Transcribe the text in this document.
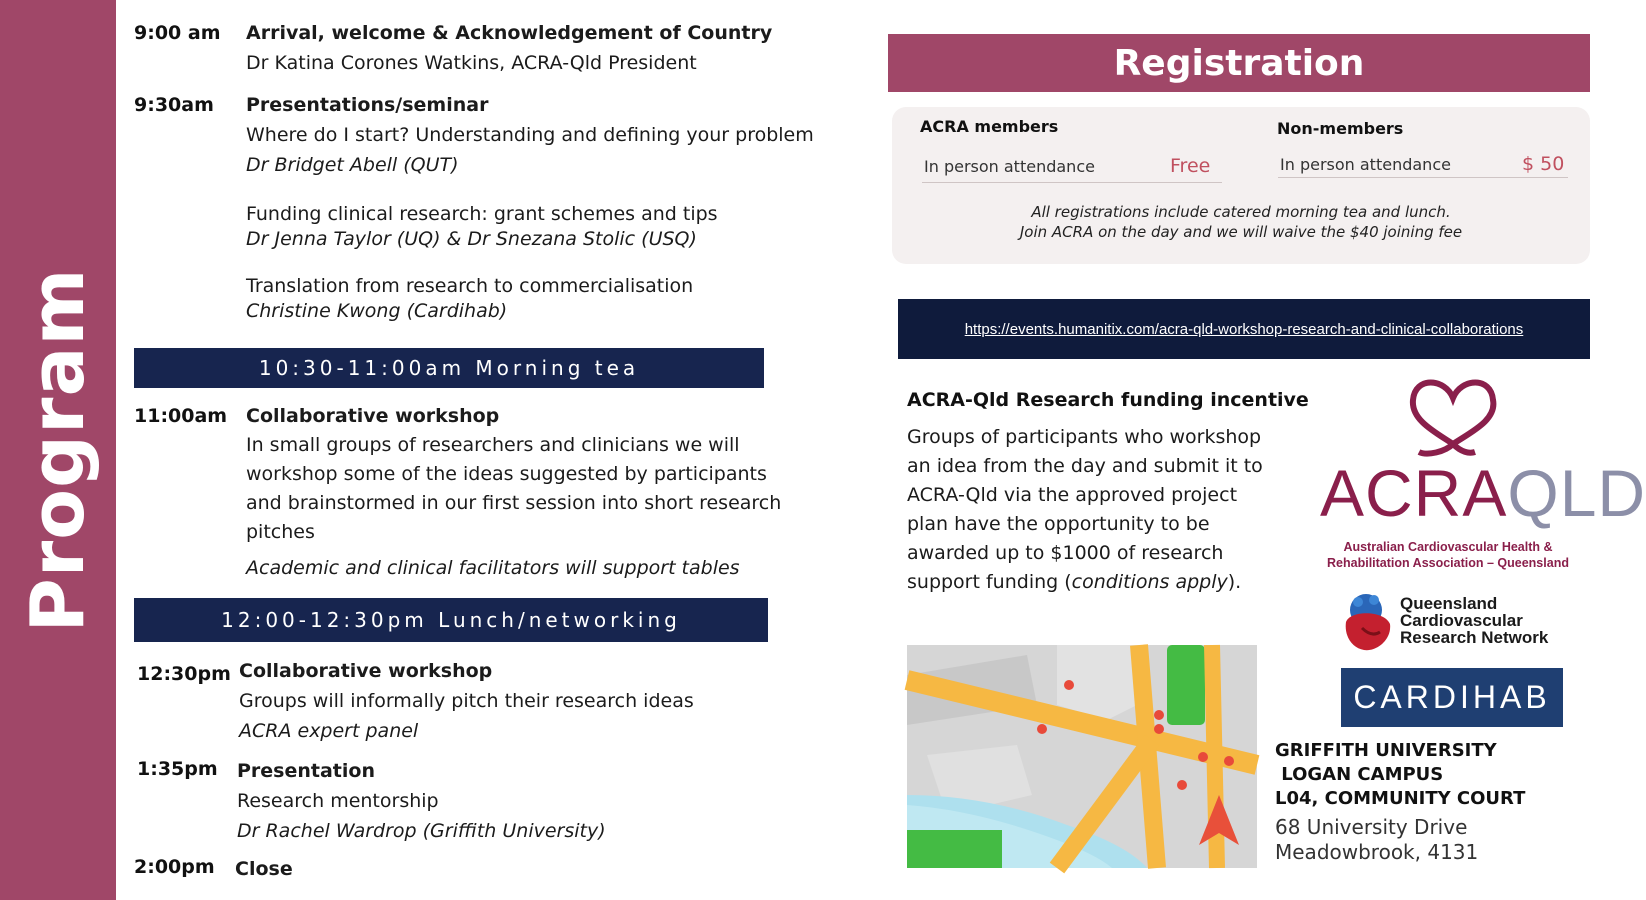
Program
9:00 am Arrival, welcome & Acknowledgement of Country
Dr Katina Corones Watkins, ACRA-Qld President
9:30am Presentations/seminar
Where do I start? Understanding and defining your problem
Dr Bridget Abell (QUT)
Funding clinical research: grant schemes and tips
Dr Jenna Taylor (UQ) & Dr Snezana Stolic (USQ)
Translation from research to commercialisation
Christine Kwong (Cardihab)
10:30-11:00am Morning tea
11:00am Collaborative workshop
In small groups of researchers and clinicians we will
workshop some of the ideas suggested by participants
and brainstormed in our first session into short research
pitches
Academic and clinical facilitators will support tables
12:00-12:30pm Lunch/networking
12:30pm Collaborative workshop
Groups will informally pitch their research ideas
ACRA expert panel
1:35pm Presentation
Research mentorship
Dr Rachel Wardrop (Griffith University)
2:00pm Close
Registration
ACRA members
In person attendance	Free
Non-members
In person attendance	$ 50
All registrations include catered morning tea and lunch.
Join ACRA on the day and we will waive the $40 joining fee
https://events.humanitix.com/acra-qld-workshop-research-and-clinical-collaborations
ACRA-Qld Research funding incentive
Groups of participants who workshop
an idea from the day and submit it to
ACRA-Qld via the approved project
plan have the opportunity to be
awarded up to $1000 of research
support funding (conditions apply).
ACRAQLD
Australian Cardiovascular Health &
Rehabilitation Association – Queensland
Queensland
Cardiovascular
Research Network
CARDIHAB
GRIFFITH UNIVERSITY
LOGAN CAMPUS
L04, COMMUNITY COURT
68 University Drive
Meadowbrook, 4131
